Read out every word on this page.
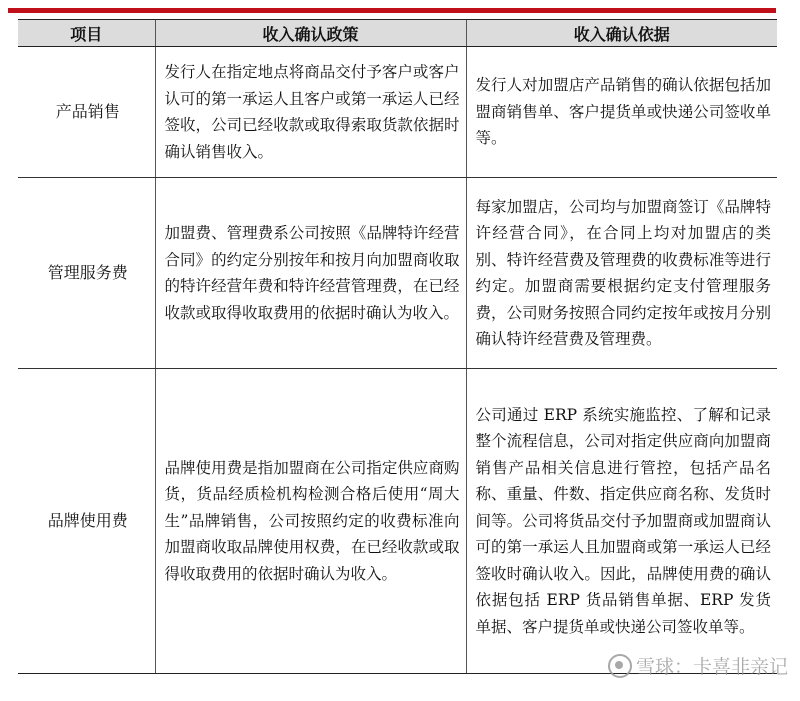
项目	收入确认政策	收入确认依据
产品销售	发行人在指定地点将商品交付予客户或客户认可的第一承运人且客户或第一承运人已经签收，公司已经收款或取得索取货款依据时确认销售收入。	发行人对加盟店产品销售的确认依据包括加盟商销售单、客户提货单或快递公司签收单等。
管理服务费	加盟费、管理费系公司按照《品牌特许经营合同》的约定分别按年和按月向加盟商收取的特许经营年费和特许经营管理费，在已经收款或取得收取费用的依据时确认为收入。	每家加盟店，公司均与加盟商签订《品牌特许经营合同》，在合同上均对加盟店的类别、特许经营费及管理费的收费标准等进行约定。加盟商需要根据约定支付管理服务费，公司财务按照合同约定按年或按月分别确认特许经营费及管理费。
品牌使用费	品牌使用费是指加盟商在公司指定供应商购货，货品经质检机构检测合格后使用“周大生”品牌销售，公司按照约定的收费标准向加盟商收取品牌使用权费，在已经收款或取得收取费用的依据时确认为收入。	公司通过 ERP 系统实施监控、了解和记录整个流程信息，公司对指定供应商向加盟商销售产品相关信息进行管控，包括产品名称、重量、件数、指定供应商名称、发货时间等。公司将货品交付予加盟商或加盟商认可的第一承运人且加盟商或第一承运人已经签收时确认收入。因此，品牌使用费的确认依据包括 ERP 货品销售单据、ERP 发货单据、客户提货单或快递公司签收单等。
雪球：卡喜非亲记
